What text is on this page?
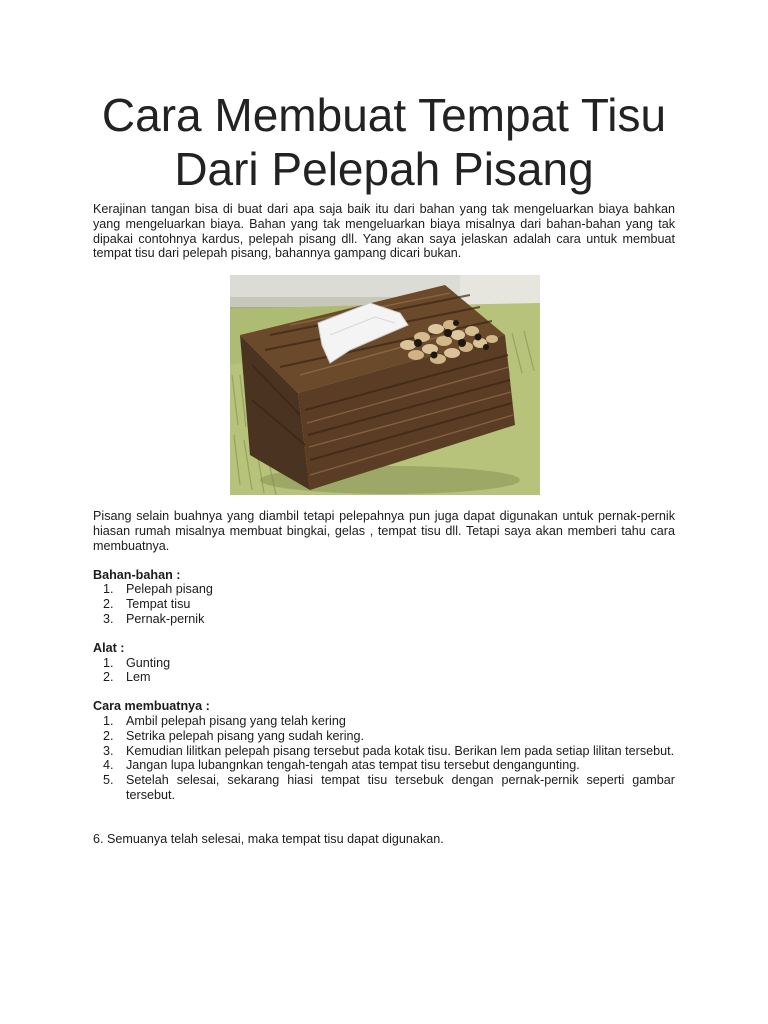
Cara Membuat Tempat Tisu
Dari Pelepah Pisang

Kerajinan tangan bisa di buat dari apa saja baik itu dari bahan yang tak mengeluarkan biaya bahkan yang mengeluarkan biaya. Bahan yang tak mengeluarkan biaya misalnya dari bahan-bahan yang tak dipakai contohnya kardus, pelepah pisang dll. Yang akan saya jelaskan adalah cara untuk membuat tempat tisu dari pelepah pisang, bahannya gampang dicari bukan.

Pisang selain buahnya yang diambil tetapi pelepahnya pun juga dapat digunakan untuk pernak-pernik hiasan rumah misalnya membuat bingkai, gelas , tempat tisu dll. Tetapi saya akan memberi tahu cara membuatnya.

Bahan-bahan :
1. Pelepah pisang
2. Tempat tisu
3. Pernak-pernik
Alat :
1. Gunting
2. Lem
Cara membuatnya :
1. Ambil pelepah pisang yang telah kering
2. Setrika pelepah pisang yang sudah kering.
3. Kemudian lilitkan pelepah pisang tersebut pada kotak tisu. Berikan lem pada setiap lilitan tersebut.
4. Jangan lupa lubangnkan tengah-tengah atas tempat tisu tersebut dengangunting.
5. Setelah selesai, sekarang hiasi tempat tisu tersebuk dengan pernak-pernik seperti gambar tersebut.

6. Semuanya telah selesai, maka tempat tisu dapat digunakan.
